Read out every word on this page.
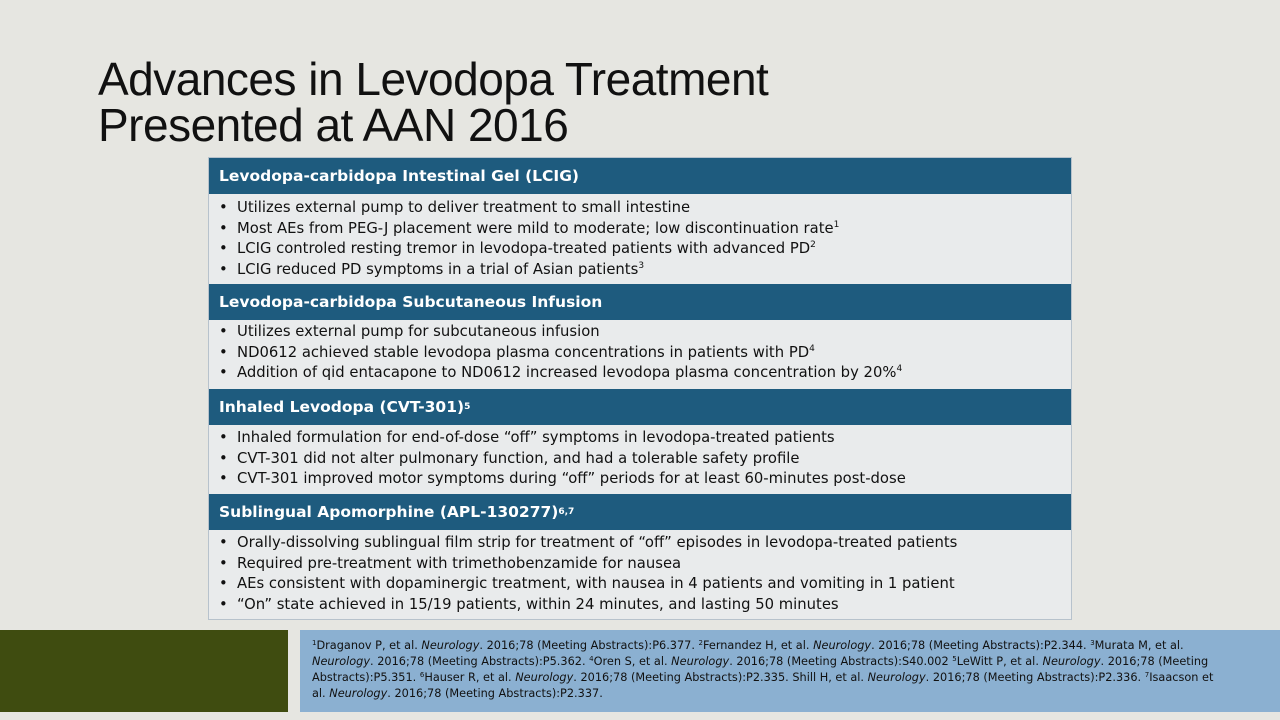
Advances in Levodopa Treatment
Presented at AAN 2016
Levodopa-carbidopa Intestinal Gel (LCIG)
• Utilizes external pump to deliver treatment to small intestine
• Most AEs from PEG-J placement were mild to moderate; low discontinuation rate$^1$
• LCIG controled resting tremor in levodopa-treated patients with advanced $PD^2$
• LCIG reduced PD symptoms in a trial of Asian patients$^3$
Levodopa-carbidopa Subcutaneous Infusion
• Utilizes external pump for subcutaneous infusion
• ND0612 achieved stable levodopa plasma concentrations in patients with $PD^4$
• Addition of qid entacapone to ND0612 increased levodopa plasma concentration by 20%$^4$
Inhaled Levodopa (CVT-301) 5
• Inhaled formulation for end-of-dose “off” symptoms in levodopa-treated patients
• CVT-301 did not alter pulmonary function, and had a tolerable safety profile
• CVT-301 improved motor symptoms during “off” periods for at least 60-minutes post-dose
Sublingual Apomorphine (APL-130277) 6,7
• Orally-dissolving sublingual film strip for treatment of “off” episodes in levodopa-treated patients
• Required pre-treatment with trimethobenzamide for nausea
• AEs consistent with dopaminergic treatment, with nausea in 4 patients and vomiting in 1 patient
• “On” state achieved in 15/19 patients, within 24 minutes, and lasting 50 minutes
$^1$Draganov P, et al. Neurology. 2016;78 (Meeting Abstracts):P6.377. $^2$Fernandez H, et al. Neurology. 2016;78 (Meeting Abstracts):P2.344. $^3$Murata M, et al. Neurology. 2016;78 (Meeting Abstracts):P5.362. $^4$Oren S, et al. Neurology. 2016;78 (Meeting Abstracts):S40.002 $^5$LeWitt P, et al. Neurology. 2016;78 (Meeting Abstracts):P5.351. $^6$Hauser R, et al. Neurology. 2016;78 (Meeting Abstracts):P2.335. Shill H, et al. Neurology. 2016;78 (Meeting Abstracts):P2.336. $^7$Isaacson et al. Neurology. 2016;78 (Meeting Abstracts):P2.337.
